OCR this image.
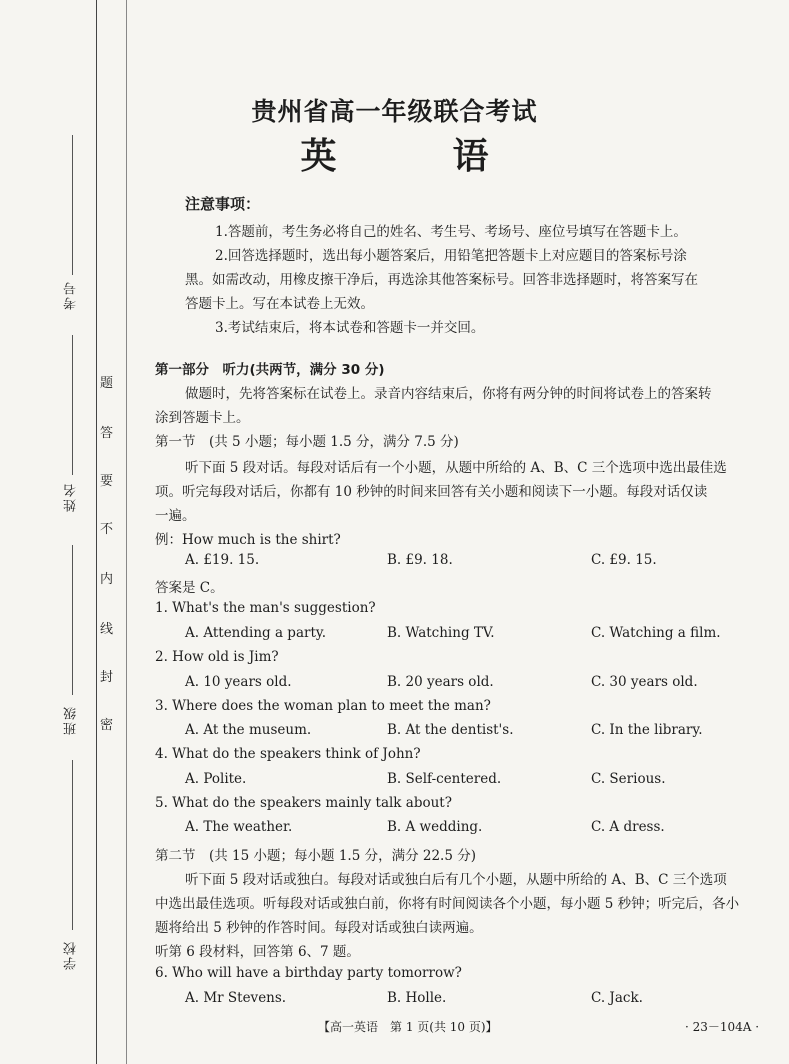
考号
姓名
班级
学校
题
答
要
不
内
线
封
密
贵州省高一年级联合考试
英　语
注意事项：
1.答题前，考生务必将自己的姓名、考生号、考场号、座位号填写在答题卡上。
2.回答选择题时，选出每小题答案后，用铅笔把答题卡上对应题目的答案标号涂
黑。如需改动，用橡皮擦干净后，再选涂其他答案标号。回答非选择题时，将答案写在
答题卡上。写在本试卷上无效。
3.考试结束后，将本试卷和答题卡一并交回。
第一部分　听力(共两节，满分 30 分)
做题时，先将答案标在试卷上。录音内容结束后，你将有两分钟的时间将试卷上的答案转
涂到答题卡上。
第一节　(共 5 小题；每小题 1.5 分，满分 7.5 分)
听下面 5 段对话。每段对话后有一个小题，从题中所给的 A、B、C 三个选项中选出最佳选
项。听完每段对话后，你都有 10 秒钟的时间来回答有关小题和阅读下一小题。每段对话仅读
一遍。
例：How much is the shirt?
A. £19. 15.	B. £9. 18.	C. £9. 15.
答案是 C。
1. What's the man's suggestion?
A. Attending a party.	B. Watching TV.	C. Watching a film.
2. How old is Jim?
A. 10 years old.	B. 20 years old.	C. 30 years old.
3. Where does the woman plan to meet the man?
A. At the museum.	B. At the dentist's.	C. In the library.
4. What do the speakers think of John?
A. Polite.	B. Self-centered.	C. Serious.
5. What do the speakers mainly talk about?
A. The weather.	B. A wedding.	C. A dress.
第二节　(共 15 小题；每小题 1.5 分，满分 22.5 分)
听下面 5 段对话或独白。每段对话或独白后有几个小题，从题中所给的 A、B、C 三个选项
中选出最佳选项。听每段对话或独白前，你将有时间阅读各个小题，每小题 5 秒钟；听完后，各小
题将给出 5 秒钟的作答时间。每段对话或独白读两遍。
听第 6 段材料，回答第 6、7 题。
6. Who will have a birthday party tomorrow?
A. Mr Stevens.	B. Holle.	C. Jack.
【高一英语　第 1 页(共 10 页)】	· 23－104A ·
